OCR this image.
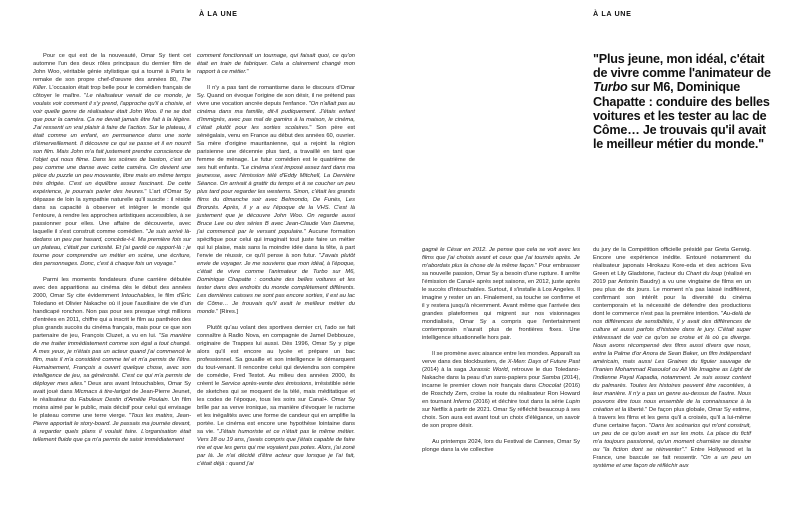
À LA UNE	À LA UNE

Pour ce qui est de la nouveauté, Omar Sy tient cet automne l'un des deux rôles principaux du dernier film de John Woo, véritable génie stylistique qui a tourné à Paris le remake de son propre chef-d'œuvre des années 80, The Killer. L'occasion était trop belle pour le comédien français de côtoyer le maître. "Le réalisateur venait de ce monde, je voulais voir comment il s'y prend, l'approche qu'il a choisie, et voir quelle genre de réalisateur était John Woo. Il ne se doit que pour la caméra. Ça ne devait jamais être fait à la légère. J'ai ressenti un vrai plaisir à faire de l'action. Sur le plateau, il était comme un enfant, en permanence dans une sorte d'émerveillement. Il découvre ce qui se passe et il en nourrit son film. Mais John m'a fait justement prendre conscience de l'objet qui nous filme. Dans les scènes de baston, c'est un peu comme une danse avec cette caméra. On devient une pièce du puzzle un peu mouvante, libre mais en même temps très dirigée. C'est un équilibre assez fascinant. De cette expérience, je pourrais parler des heures." L'art d'Omar Sy dépasse de loin la sympathie naturelle qu'il suscite : il réside dans sa capacité à observer et intégrer le monde qui l'entoure, à rendre les approches artistiques accessibles, à se passionner pour elles. Une affaire de découverte, avec laquelle il s'est construit comme comédien. "Je suis arrivé là-dedans un peu par hasard, concède-t-il. Ma première fois sur un plateau, c'était par curiosité. Et j'ai gardé ce rapport-là : je tourne pour comprendre un métier en scène, une écriture, des personnages. Donc, c'est à chaque fois un voyage."

Parmi les moments fondateurs d'une carrière débutée avec des apparitions au cinéma dès le début des années 2000, Omar Sy cite évidemment Intouchables, le film d'Éric Toledano et Olivier Nakache où il joue l'auxiliaire de vie d'un handicapé ronchon. Non pas pour ses presque vingt millions d'entrées en 2011, chiffre qui a inscrit le film au panthéon des plus grands succès du cinéma français, mais pour ce que son partenaire de jeu, François Cluzet, a vu en lui. "Sa manière de me traiter immédiatement comme son égal a tout changé. À mes yeux, je n'étais pas un acteur quand j'ai commencé le film, mais il m'a considéré comme tel et m'a permis de l'être. Humainement, François a ouvert quelque chose, avec son intelligence de jeu, sa générosité. C'est ce qui m'a permis de déployer mes ailes." Deux ans avant Intouchables, Omar Sy avait joué dans Micmacs à tire-larigot de Jean-Pierre Jeunet, le réalisateur du Fabuleux Destin d'Amélie Poulain. Un film moins aimé par le public, mais décisif pour celui qui envisage le plateau comme une terre vierge. "Tous les matins, Jean-Pierre apportait le story-board. Je passais ma journée devant, à regarder quels plans il voulait faire. L'organisation était tellement fluide que ça m'a permis de saisir immédiatement

comment fonctionnait un tournage, qui faisait quoi, ce qu'on était en train de fabriquer. Cela a clairement changé mon rapport à ce métier."

Il n'y a pas tant de romantisme dans le discours d'Omar Sy. Quand on évoque l'origine de son désir, il ne prétend pas vivre une vocation ancrée depuis l'enfance. "On n'allait pas au cinéma dans ma famille, dit-il pudiquement. J'étais enfant d'immigrés, avec pas mal de gamins à la maison, le cinéma, c'était plutôt pour les sorties scolaires." Son père est sénégalais, venu en France au début des années 60, ouvrier. Sa mère d'origine mauritanienne, qui a rejoint la région parisienne une décennie plus tard, a travaillé en tant que femme de ménage. Le futur comédien est le quatrième de ses huit enfants. "Le cinéma s'est imposé assez tard dans ma jeunesse, avec l'émission télé d'Eddy Mitchell, La Dernière Séance. On arrivait à grattir du temps et à se coucher un peu plus tard pour regarder les westerns. Sinon, c'était les grands films du dimanche soir avec Belmondo, De Funès, Les Bronzés. Après, il y a eu l'époque de la VHS. C'est là justement que je découvre John Woo. On regarde aussi Bruce Lee ou des séries B avec Jean-Claude Van Damme, j'ai commencé par le versant populaire." Aucune formation spécifique pour celui qui imaginait tout juste faire un métier qui lui plaise, mais sans la moindre idée dans la tête, à part l'envie de réussir, ce qu'il pense à son futur. "J'avais plutôt envie de voyager. Je me souviens que mon idéal, à l'époque, c'était de vivre comme l'animateur de Turbo sur M6, Dominique Chapatte : conduire des belles voitures et les tester dans des endroits du monde complètement différents. Les dernières caisses ne sont pas encore sorties, il est au lac de Côme… Je trouvais qu'il avait le meilleur métier du monde." [Rires.]

Plutôt qu'au volant des sportives dernier cri, l'ado se fait connaître à Radio Nova, en compagnie de Jamel Debbouze, originaire de Trappes lui aussi. Dès 1996, Omar Sy y pige alors qu'il est encore au lycée et prépare un bac professionnel. Sa gouaille et son intelligence le démarquent du tout-venant. Il rencontre celui qui deviendra son compère de comédie, Fred Testot. Au milieu des années 2000, ils créent le Service après-vente des émissions, irrésistible série de sketches qui se moquent de la télé, mais méditatique et les codes de l'époque, tous les soirs sur Canal+. Omar Sy brille par sa verve ironique, sa manière d'évoquer le racisme et les inégalités avec une forme de candeur qui en amplifie la portée. Le cinéma est encore une hypothèse lointaine dans sa vie. "J'étais humoriste et ce n'était pas le même métier. Vers 18 ou 19 ans, j'avais compris que j'étais capable de faire rire et que les gens qui me voyaient pas potes. Alors, j'ai zoné par là. Je n'ai décidé d'être acteur que lorsque je l'ai fait, c'était déjà : quand j'ai

"Plus jeune, mon idéal, c'était de vivre comme l'animateur de Turbo sur M6, Dominique Chapatte : conduire des belles voitures et les tester au lac de Côme… Je trouvais qu'il avait le meilleur métier du monde."

gagné le César en 2012. Je pense que cela se voit avec les films que j'ai choisis avant et ceux que j'ai tournés après. Je m'abordais plus la chose de la même façon." Pour embrasser sa nouvelle passion, Omar Sy a besoin d'une rupture. Il arrête l'émission de Canal+ après sept saisons, en 2012, juste après le succès d'Intouchables. Surtout, il s'installe à Los Angeles. Il imagine y rester un an. Finalement, sa touche se confirme et il y restera jusqu'à récemment. Avant même que l'arrivée des grandes plateformes qui migrent sur nos visionnages mondialisés, Omar Sy a compris que l'entertainment contemporain n'aurait plus de frontières fixes. Une intelligence situationnelle hors pair.

Il se promène avec aisance entre les mondes. Apparaît sa verve dans des blockbusters, de X-Men: Days of Future Past (2014) à la saga Jurassic World, retrouve le duo Toledano-Nakache dans la peau d'un sans-papiers pour Samba (2014), incarne le premier clown noir français dans Chocolat (2016) de Roschdy Zem, croise la route du réalisateur Ron Howard en tournant Inferno (2016) et déchire tout dans la série Lupin sur Netflix à partir de 2021. Omar Sy réfléchit beaucoup à ses choix. Son aura est avant tout un choix d'élégance, un savoir de son propre désir.

Au printemps 2024, lors du Festival de Cannes, Omar Sy plonge dans la vie collective

du jury de la Compétition officielle présidé par Greta Gerwig. Encore une expérience inédite. Entouré notamment du réalisateur japonais Hirokazu Kore-eda et des actrices Eva Green et Lily Gladstone, l'acteur du Chant du loup (réalisé en 2019 par Antonin Baudry) a vu une vingtaine de films en un peu plus de dix jours. Le moment n'a pas laissé indifférent, confirmant son intérêt pour la diversité du cinéma contemporain et la nécessité de défendre des productions dont le commerce n'est pas la première intention. "Au-delà de nos différences de sensibilités, il y avait des différences de culture et aussi parfois d'histoire dans le jury. C'était super intéressant de voir ce qu'on se croise et là où ça diverge. Nous avons récompensé des films aussi divers que nous, entre la Palme d'or Anora de Sean Baker, un film indépendant américain, mais aussi Les Graines du figuier sauvage de l'Iranien Mohammad Rasoulof ou All We Imagine as Light de l'indienne Payal Kapadia, notamment. Je suis assez content du palmarès. Toutes les histoires peuvent être racontées, à leur manière. Il n'y a pas un genre au-dessus de l'autre. Nous pouvons être tous nous ensemble de la connaissance à la création et la liberté." De façon plus globale, Omar Sy estime, à travers les films et les gens qu'il a croisés, qu'il a lui-même d'une certaine façon. "Dans les scénarios qui m'ont construit, un peu de ce qu'on avait en sur les mots. La place du fictif m'a toujours passionné, qu'un moment charnière se dessine ou "la fiction dont se réinventer"." Entre Hollywood et la France, une bascule se fait ressentir. "On a un peu un système et une façon de réfléchir aux
